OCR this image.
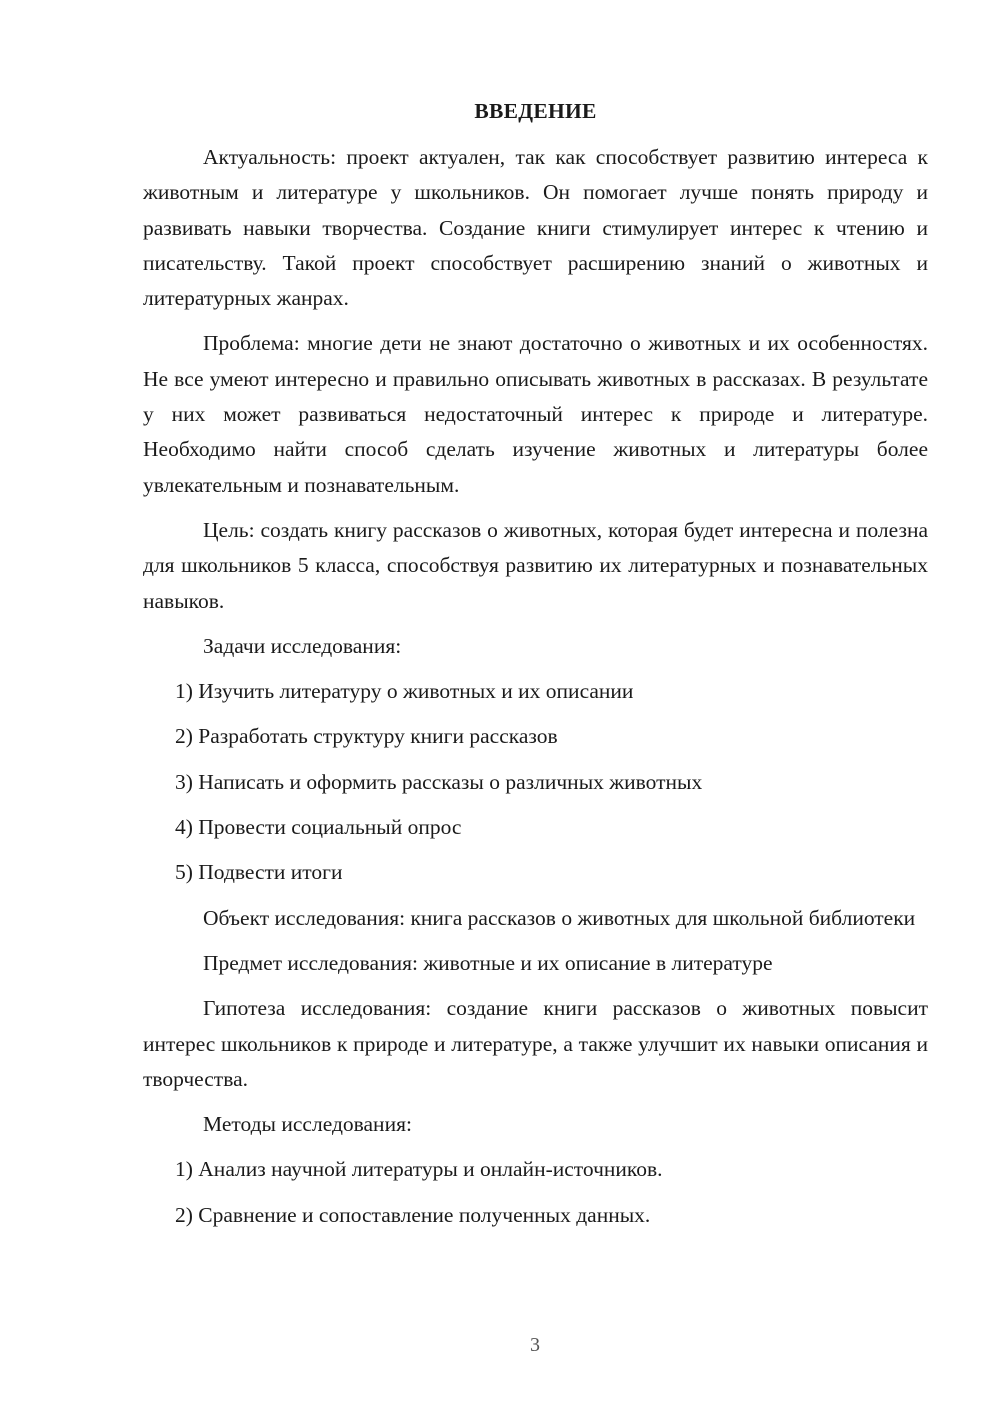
ВВЕДЕНИЕ

Актуальность: проект актуален, так как способствует развитию интереса к животным и литературе у школьников. Он помогает лучше понять природу и развивать навыки творчества. Создание книги стимулирует интерес к чтению и писательству. Такой проект способствует расширению знаний о животных и литературных жанрах.

Проблема: многие дети не знают достаточно о животных и их особенностях. Не все умеют интересно и правильно описывать животных в рассказах. В результате у них может развиваться недостаточный интерес к природе и литературе. Необходимо найти способ сделать изучение животных и литературы более увлекательным и познавательным.

Цель: создать книгу рассказов о животных, которая будет интересна и полезна для школьников 5 класса, способствуя развитию их литературных и познавательных навыков.

Задачи исследования:

1) Изучить литературу о животных и их описании

2) Разработать структуру книги рассказов

3) Написать и оформить рассказы о различных животных

4) Провести социальный опрос

5) Подвести итоги

Объект исследования: книга рассказов о животных для школьной библиотеки

Предмет исследования: животные и их описание в литературе

Гипотеза исследования: создание книги рассказов о животных повысит интерес школьников к природе и литературе, а также улучшит их навыки описания и творчества.

Методы исследования:

1) Анализ научной литературы и онлайн-источников.

2) Сравнение и сопоставление полученных данных.

3
